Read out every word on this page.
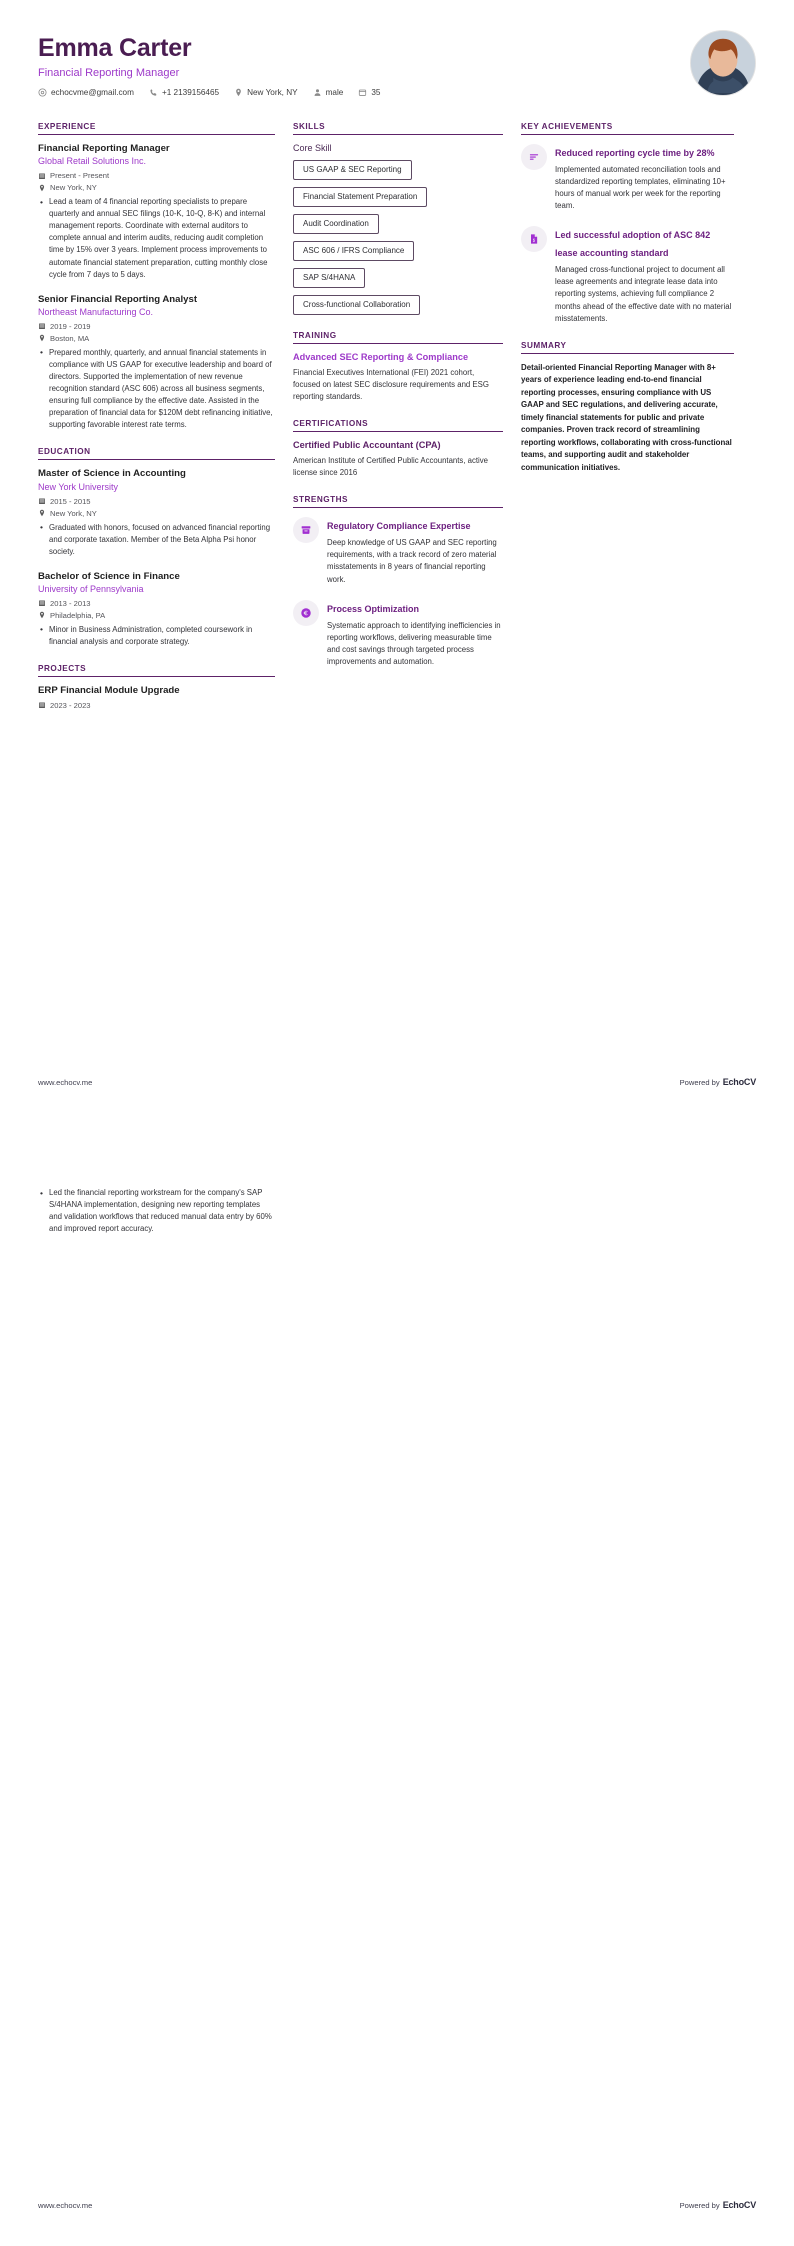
Emma Carter
Financial Reporting Manager
echocvme@gmail.com	+1 2139156465	New York, NY	male	35
EXPERIENCE
Financial Reporting Manager
Global Retail Solutions Inc.
Present - Present
New York, NY
• Lead a team of 4 financial reporting specialists to prepare quarterly and annual SEC filings (10-K, 10-Q, 8-K) and internal management reports. Coordinate with external auditors to complete annual and interim audits, reducing audit completion time by 15% over 3 years. Implement process improvements to automate financial statement preparation, cutting monthly close cycle from 7 days to 5 days.
Senior Financial Reporting Analyst
Northeast Manufacturing Co.
2019 - 2019
Boston, MA
• Prepared monthly, quarterly, and annual financial statements in compliance with US GAAP for executive leadership and board of directors. Supported the implementation of new revenue recognition standard (ASC 606) across all business segments, ensuring full compliance by the effective date. Assisted in the preparation of financial data for $120M debt refinancing initiative, supporting favorable interest rate terms.
EDUCATION
Master of Science in Accounting
New York University
2015 - 2015
New York, NY
• Graduated with honors, focused on advanced financial reporting and corporate taxation. Member of the Beta Alpha Psi honor society.
Bachelor of Science in Finance
University of Pennsylvania
2013 - 2013
Philadelphia, PA
• Minor in Business Administration, completed coursework in financial analysis and corporate strategy.
PROJECTS
ERP Financial Module Upgrade
2023 - 2023
SKILLS
Core Skill
US GAAP & SEC Reporting
Financial Statement Preparation
Audit Coordination
ASC 606 / IFRS Compliance
SAP S/4HANA
Cross-functional Collaboration
TRAINING
Advanced SEC Reporting & Compliance
Financial Executives International (FEI) 2021 cohort, focused on latest SEC disclosure requirements and ESG reporting standards.
CERTIFICATIONS
Certified Public Accountant (CPA)
American Institute of Certified Public Accountants, active license since 2016
STRENGTHS
Regulatory Compliance Expertise
Deep knowledge of US GAAP and SEC reporting requirements, with a track record of zero material misstatements in 8 years of financial reporting work.
Process Optimization
Systematic approach to identifying inefficiencies in reporting workflows, delivering measurable time and cost savings through targeted process improvements and automation.
KEY ACHIEVEMENTS
Reduced reporting cycle time by 28%
Implemented automated reconciliation tools and standardized reporting templates, eliminating 10+ hours of manual work per week for the reporting team.
Led successful adoption of ASC 842 lease accounting standard
Managed cross-functional project to document all lease agreements and integrate lease data into reporting systems, achieving full compliance 2 months ahead of the effective date with no material misstatements.
SUMMARY
Detail-oriented Financial Reporting Manager with 8+ years of experience leading end-to-end financial reporting processes, ensuring compliance with US GAAP and SEC regulations, and delivering accurate, timely financial statements for public and private companies. Proven track record of streamlining reporting workflows, collaborating with cross-functional teams, and supporting audit and stakeholder communication initiatives.
www.echocv.me	Powered by EchoCV
• Led the financial reporting workstream for the company's SAP S/4HANA implementation, designing new reporting templates and validation workflows that reduced manual data entry by 60% and improved report accuracy.
www.echocv.me	Powered by EchoCV
